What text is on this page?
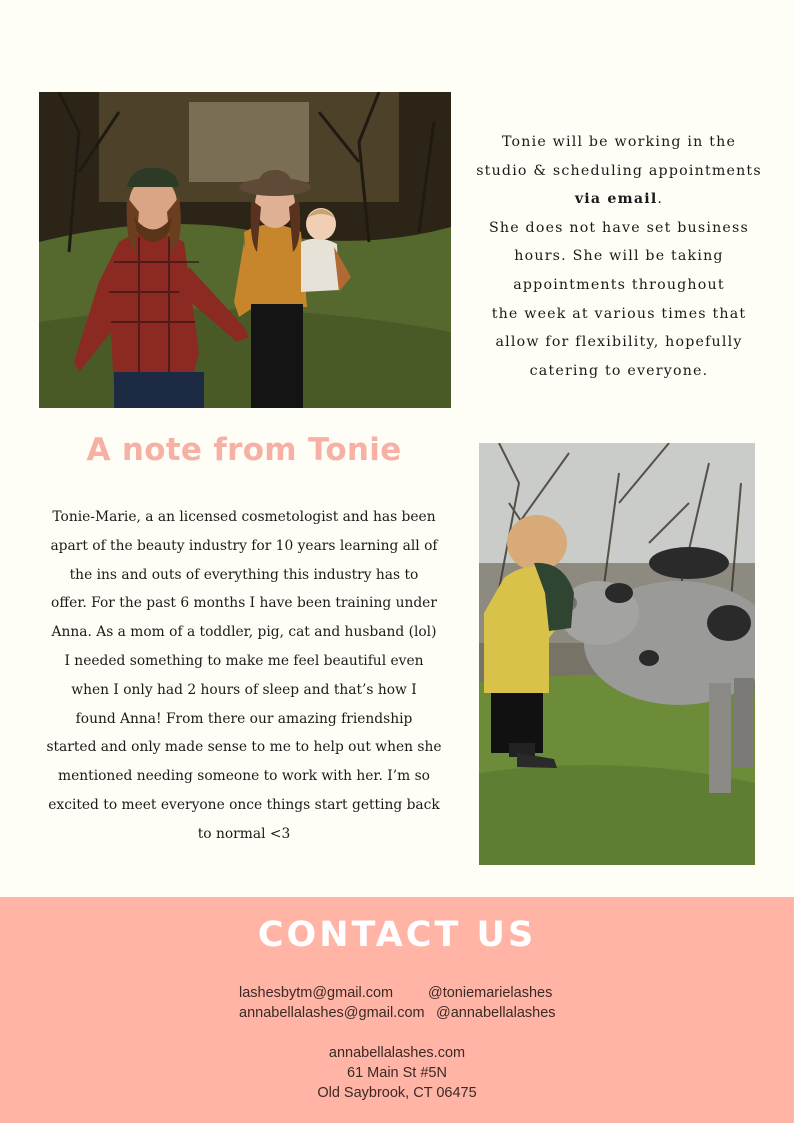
Tonie will be working in the
studio & scheduling appointments
via email.
She does not have set business
hours. She will be taking
appointments throughout
the week at various times that
allow for flexibility, hopefully
catering to everyone.
A note from Tonie
Tonie-Marie, a an licensed cosmetologist and has been
apart of the beauty industry for 10 years learning all of
the ins and outs of everything this industry has to
offer. For the past 6 months I have been training under
Anna. As a mom of a toddler, pig, cat and husband (lol)
I needed something to make me feel beautiful even
when I only had 2 hours of sleep and that’s how I
found Anna! From there our amazing friendship
started and only made sense to me to help out when she
mentioned needing someone to work with her. I’m so
excited to meet everyone once things start getting back
to normal <3
CONTACT US
lashesbytm@gmail.com @toniemarielashes
annabellalashes@gmail.com @annabellalashes
annabellalashes.com
61 Main St #5N
Old Saybrook, CT 06475
